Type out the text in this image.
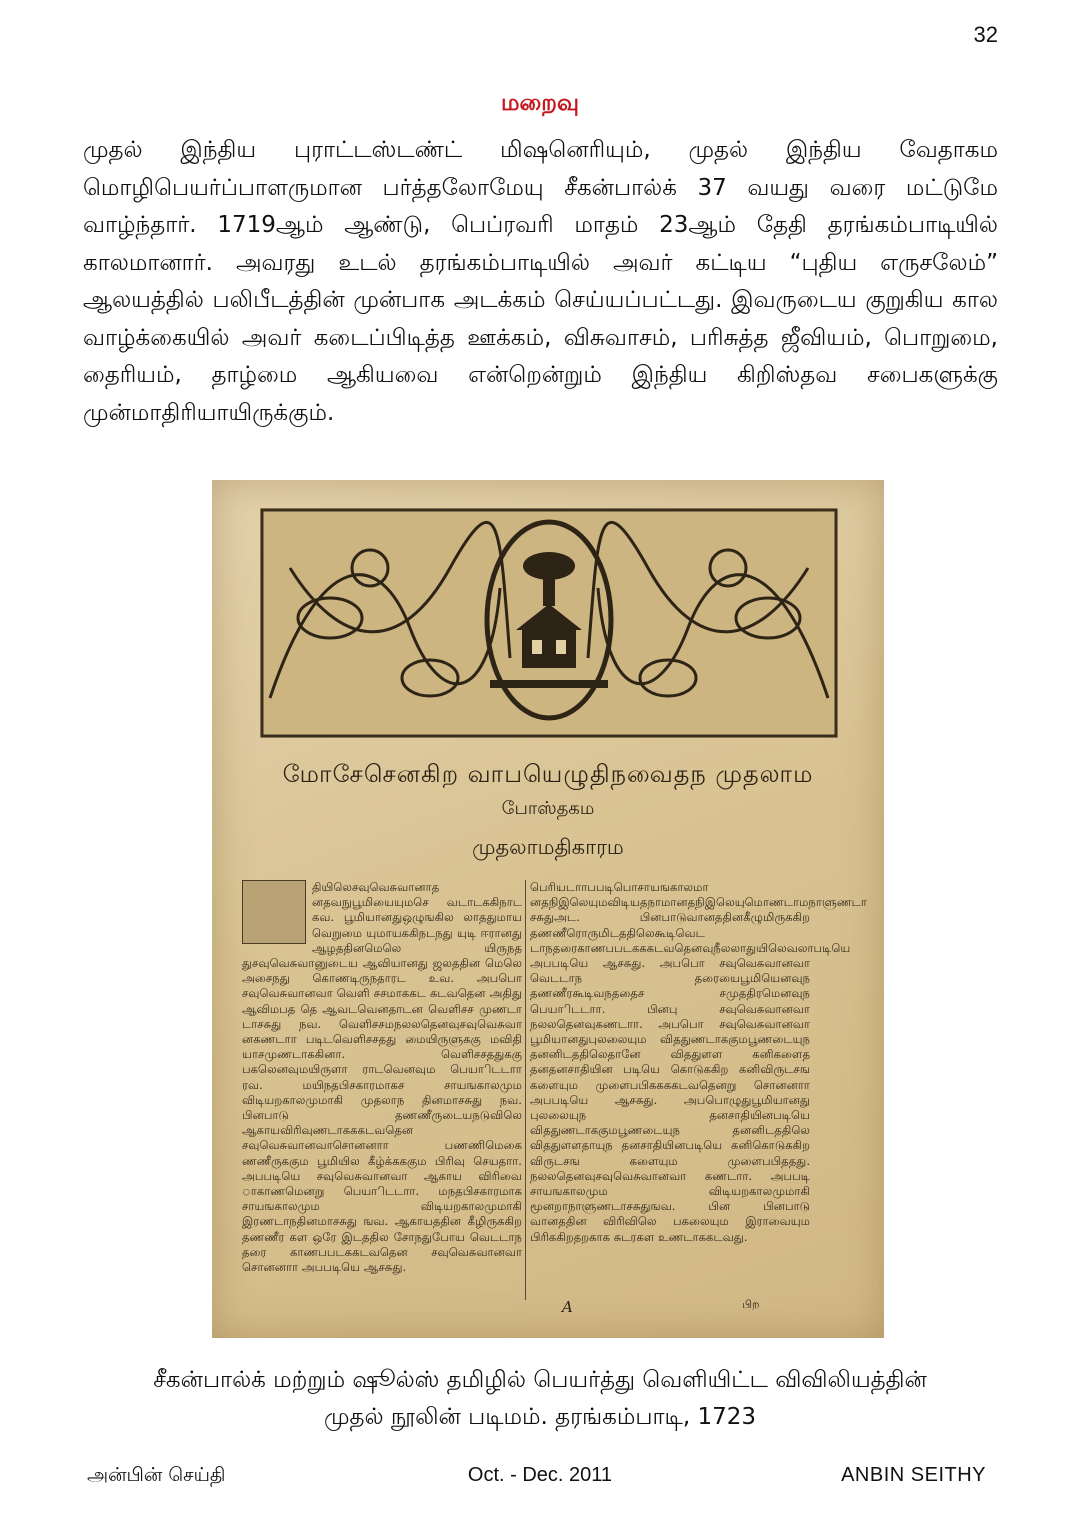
32
மறைவு
முதல் இந்திய புராட்டஸ்டண்ட் மிஷனெரியும், முதல் இந்திய வேதாகம மொழிபெயர்ப்பாளருமான பர்த்தலோமேயு சீகன்பால்க் 37 வயது வரை மட்டுமே வாழ்ந்தார். 1719ஆம் ஆண்டு, பெப்ரவரி மாதம் 23ஆம் தேதி தரங்கம்பாடியில் காலமானார். அவரது உடல் தரங்கம்பாடியில் அவர் கட்டிய “புதிய எருசலேம்” ஆலயத்தில் பலிபீடத்தின் முன்பாக அடக்கம் செய்யப்பட்டது. இவருடைய குறுகிய கால வாழ்க்கையில் அவர் கடைப்பிடித்த ஊக்கம், விசுவாசம், பரிசுத்த ஜீவியம், பொறுமை, தைரியம், தாழ்மை ஆகியவை என்றென்றும் இந்திய கிறிஸ்தவ சபைகளுக்கு முன்மாதிரியாயிருக்கும்.
மோசேசெனகிற வாபயெழுதிநவைதந முதலாம
போஸ்தகம
முதலாமதிகாரம
தியிலெசவுவெசுவானாத னதவநுபூமியையுமசெ வடாடககிநாட கவ. பூமியானதுஒழுஙகில லாததுமாய வெறுமை யுமாயககிநடநது யுடி ஈரானது ஆழததினமெலெ யிருநத துசவுவெசுவானுடைய ஆவியானது ஜலததின மெலெ அசைநது கொணடிருநதாரட உவ. அபபொ சவுவெசுவானவா வெளி சசமாககட கடவதென அதிது ஆவிமபத தெ ஆவடவெனதாடன வெளிசச முணடா டாசசுது நவ. வெளிசசமநலலதெனவுசவுவெசுவா னகணடாா படிடவெளிசசதது மையிருளுககு மவிதி யாசமுணடாககினா. வெளிசசததுககு பகலெனவுமயிருளா ராடவெனவும பெயாிடடாா ரவ. மயிநதபிசகாரமாகச சாயஙகாலமும விடியறகாலமுமாகி முதலாந தினமாசசுது நவ. பினபாடு தணணீருடையநடுவிலெ ஆகாயவிரிவுணடாகககடவதென சவுவெசுவானவாசொனனாா பணணிமெகை ணணீருககும பூமியில கீழ்க்கககும பிரிவு செயதாா. அபபடியெ சவுவெசுவானவா ஆகாய விரிவை ாகாணமெனறு பெயாிடடாா. மநதபிசகாரமாக சாயஙகாலமும விடியறகாலமுமாகி இரணடாநதினமாசசுது ஙவ. ஆகாயததின கீழிருககிற தணணீர கள ஒரே இடததில சோநதுபோய வெடடாந தரை காணபபடககடவதென சவுவெசுவானவா சொனனாா அபபடியெ ஆசசுது.
பெரியடாாபபடிபொசாயஙகாலமா னதநிஇலெயுமவிடியதநாமானதநிஇலெயுமொணடாமநாளுணடா சசுதுஅட. பினபாடுவானததினகீழுமிருககிற தணணீரொருமிடததிலெகூடிவெட டாநதரைகாணபபடகககடவதெனவுநீலலாதுயிலெவலாபடியெ அபபடியெ ஆசசுது. அபபொ சவுவெசுவானவா வெடடாந தரையைபூமியெனவுந தணணீரகூடிவநததைச சமுததிரமெனவுந பெயாிடடாா. பினபு சவுவெசுவானவா நலலதெனவுகணடாா. அபபொ சவுவெசுவானவா பூமியானதுபுலலையும விததுணடாககுமபூணடையுந தனனிடததிலெதானே விததுளள கனிகளைத தனதனசாதியின படியெ கொடுககிற கனிவிருடசங களையும முளைபபிககககடவதெனறு சொனனாா அபபடியெ ஆசசுது. அபபொழுதுபூமியானது புலலையுந தனசாதியினபடியெ விததுணடாககுமபூணடையுந தனனிடததிலெ விததுளளதாயுந தனசாதியினபடியெ கனிகொடுககிற விருடசங களையும முளைபபிததது. நலலதெனவுசவுவெசுவானவா கணடாா. அபபடி சாயஙகாலமும விடியறகாலமுமாகி மூனறாநாளுணடாசசுதுஙவ. பின பினபாடு வானததின விரிவிலெ பகலையும இராவையும பிரிககிறதறகாக சுடரகள உணடாககடவது.
A	பிற
சீகன்பால்க் மற்றும் ஷூல்ஸ் தமிழில் பெயர்த்து வெளியிட்ட விவிலியத்தின்
முதல் நூலின் படிமம். தரங்கம்பாடி, 1723
அன்பின் செய்தி	Oct. - Dec. 2011	ANBIN SEITHY
